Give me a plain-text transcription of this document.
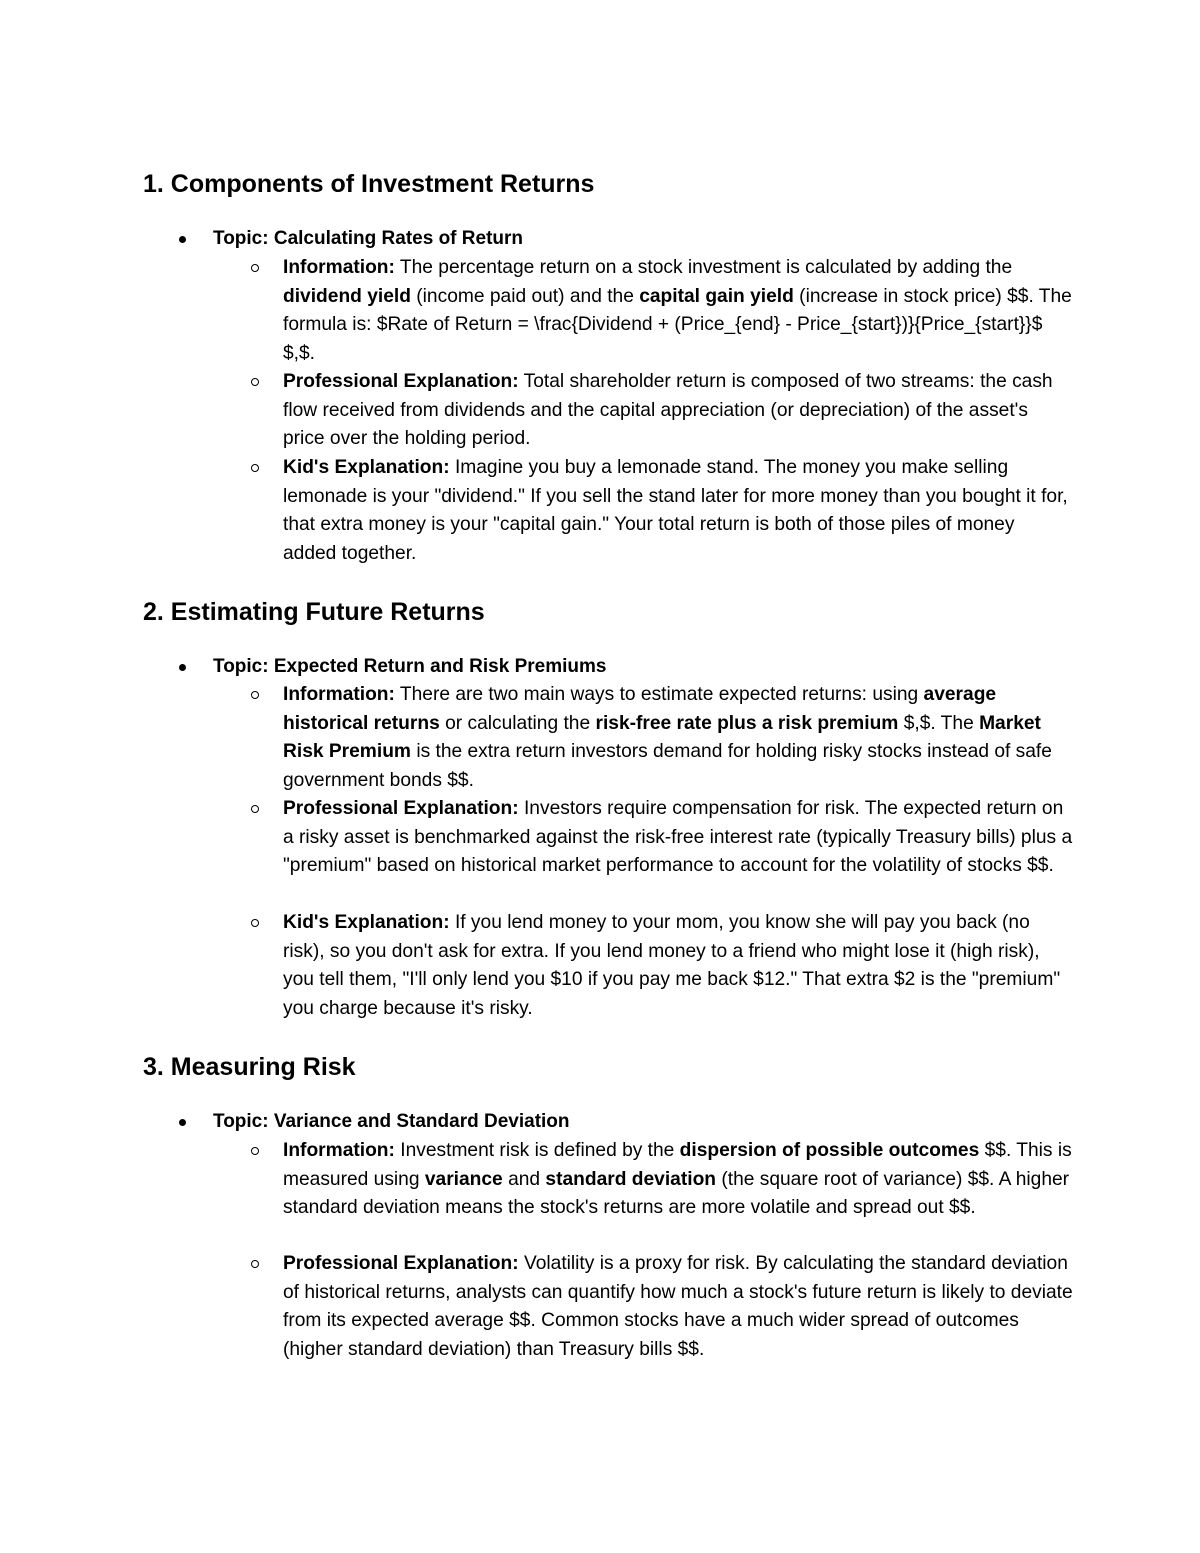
1. Components of Investment Returns
Topic: Calculating Rates of Return
Information: The percentage return on a stock investment is calculated by adding the dividend yield (income paid out) and the capital gain yield (increase in stock price) $$. The formula is: $Rate of Return = \frac{Dividend + (Price_{end} - Price_{start})}{Price_{start}}$ $,$.
Professional Explanation: Total shareholder return is composed of two streams: the cash flow received from dividends and the capital appreciation (or depreciation) of the asset's price over the holding period.
Kid's Explanation: Imagine you buy a lemonade stand. The money you make selling lemonade is your "dividend." If you sell the stand later for more money than you bought it for, that extra money is your "capital gain." Your total return is both of those piles of money added together.
2. Estimating Future Returns
Topic: Expected Return and Risk Premiums
Information: There are two main ways to estimate expected returns: using average historical returns or calculating the risk-free rate plus a risk premium $,$. The Market Risk Premium is the extra return investors demand for holding risky stocks instead of safe government bonds $$.
Professional Explanation: Investors require compensation for risk. The expected return on a risky asset is benchmarked against the risk-free interest rate (typically Treasury bills) plus a "premium" based on historical market performance to account for the volatility of stocks $$.
Kid's Explanation: If you lend money to your mom, you know she will pay you back (no risk), so you don't ask for extra. If you lend money to a friend who might lose it (high risk), you tell them, "I'll only lend you $10 if you pay me back $12." That extra $2 is the "premium" you charge because it's risky.
3. Measuring Risk
Topic: Variance and Standard Deviation
Information: Investment risk is defined by the dispersion of possible outcomes $$. This is measured using variance and standard deviation (the square root of variance) $$. A higher standard deviation means the stock's returns are more volatile and spread out $$.
Professional Explanation: Volatility is a proxy for risk. By calculating the standard deviation of historical returns, analysts can quantify how much a stock's future return is likely to deviate from its expected average $$. Common stocks have a much wider spread of outcomes (higher standard deviation) than Treasury bills $$.
